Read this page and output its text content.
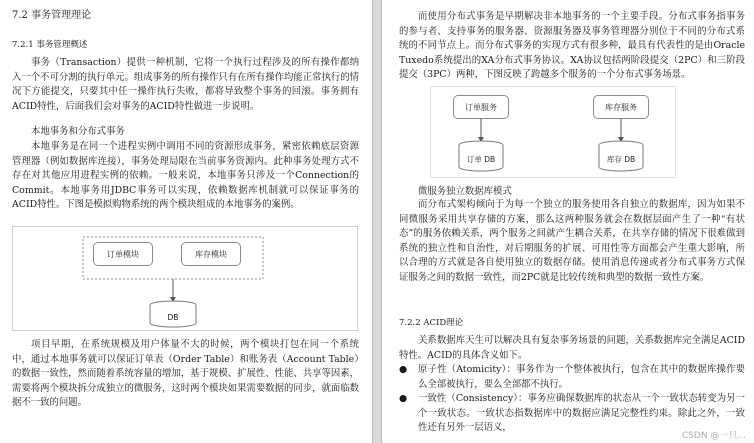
7.2 事务管理理论
7.2.1 事务管理概述
事务（Transaction）提供一种机制，它将一个执行过程涉及的所有操作都纳入一个不可分割的执行单元。组成事务的所有操作只有在所有操作均能正常执行的情况下方能提交，只要其中任一操作执行失败，都将导致整个事务的回滚。事务拥有ACID特性，后面我们会对事务的ACID特性做进一步说明。
本地事务和分布式事务
本地事务是在同一个进程实例中调用不同的资源形成事务，紧密依赖底层资源管理器（例如数据库连接），事务处理局限在当前事务资源内。此种事务处理方式不存在对其他应用进程实例的依赖。一般来说，本地事务只涉及一个Connection的Commit。本地事务用JDBC事务可以实现，依赖数据库机制就可以保证事务的ACID特性。下图是模拟购物系统的两个模块组成的本地事务的案例。
DB
订单模块	库存模块
项目早期，在系统规模及用户体量不大的时候，两个模块打包在同一个系统中，通过本地事务就可以保证订单表（Order Table）和账务表（Account Table）的数据一致性，然而随着系统容量的增加，基于规模、扩展性、性能、共享等因素，需要将两个模块拆分成独立的微服务，这时两个模块如果需要数据的同步，就面临数据不一致的问题。
而使用分布式事务是早期解决非本地事务的一个主要手段。分布式事务指事务的参与者、支持事务的服务器、资源服务器及事务管理器分别位于不同的分布式系统的不同节点上。而分布式事务的实现方式有很多种，最具有代表性的是由Oracle Tuxedo系统提出的XA分布式事务协议。XA协议包括两阶段提交（2PC）和三阶段提交（3PC）两种，下图反映了跨越多个服务的一个分布式事务场景。
订单 DB	库存 DB
订单服务	库存服务
微服务独立数据库模式
而分布式架构倾向于为每一个独立的服务使用各自独立的数据库，因为如果不同微服务采用共享存储的方案，那么这两种服务就会在数据层面产生了一种“有状态”的服务依赖关系，两个服务之间就产生耦合关系，在共享存储的情况下很难做到系统的独立性和自治性，对后期服务的扩展、可用性等方面都会产生重大影响，所以合理的方式就是各自使用独立的数据存储。使用消息传递或者分布式事务方式保证服务之间的数据一致性，而2PC就是比较传统和典型的数据一致性方案。
7.2.2 ACID理论
关系数据库天生可以解决具有复杂事务场景的问题，关系数据库完全满足ACID特性。ACID的具体含义如下。
● 原子性（Atomicity）：事务作为一个整体被执行，包含在其中的数据库操作要么全部被执行，要么全部都不执行。
● 一致性（Consistency）：事务应确保数据库的状态从一个一致状态转变为另一个一致状态。一致状态指数据库中的数据应满足完整性约束。除此之外，一致性还有另外一层语义，
CSDN @一只...
